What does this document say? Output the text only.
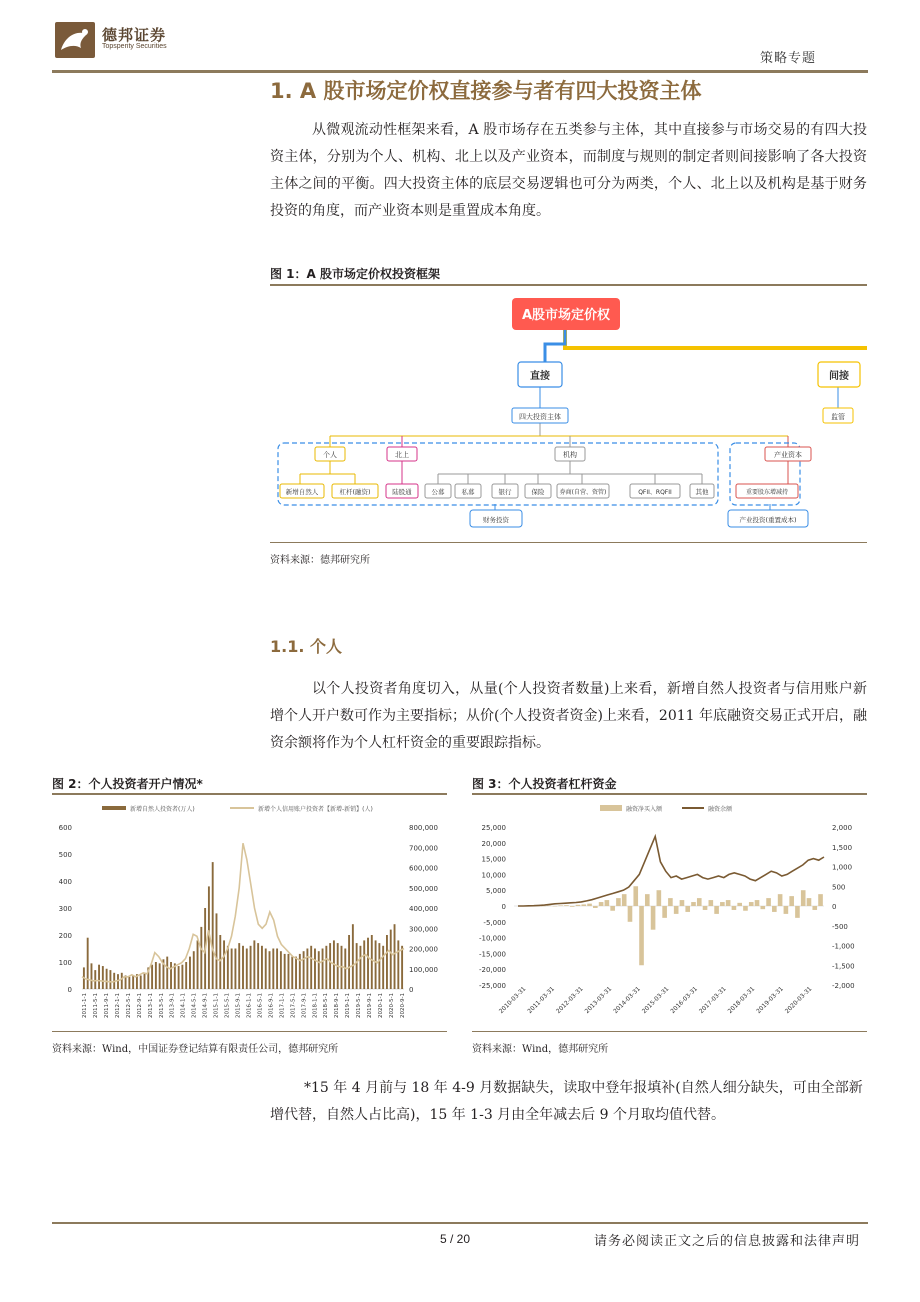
德邦证券
Topsperity Securities
策略专题
1. A 股市场定价权直接参与者有四大投资主体
从微观流动性框架来看，A 股市场存在五类参与主体，其中直接参与市场交易的有四大投资主体，分别为个人、机构、北上以及产业资本，而制度与规则的制定者则间接影响了各大投资主体之间的平衡。四大投资主体的底层交易逻辑也可分为两类，个人、北上以及机构是基于财务投资的角度，而产业资本则是重置成本角度。
图 1：A 股市场定价权投资框架
A股市场定价权
直接	间接
监管
四大投资主体
个人	北上	机构	产业资本
新增自然人	杠杆(融资)	陆股通	公募	私募	银行	保险	券商(自营、资管)	QFII、RQFII	其他	重要股东增减持
财务投资	产业投资(重置成本)
资料来源：德邦研究所
1.1. 个人
以个人投资者角度切入，从量(个人投资者数量)上来看，新增自然人投资者与信用账户新增个人开户数可作为主要指标；从价(个人投资者资金)上来看，2011 年底融资交易正式开启，融资余额将作为个人杠杆资金的重要跟踪指标。
图 2：个人投资者开户情况*
新增自然人投资者(万人)	新增个人信用账户投资者【新增-新销】(人)
600
500
400
300
200
100
0
800,000
700,000
600,000
500,000
400,000
300,000
200,000
100,000
0
2011-1-1 2011-5-1 2011-9-1 2012-1-1 2012-5-1 2012-9-1 2013-1-1 2013-5-1 2013-9-1 2014-1-1 2014-5-1 2014-9-1 2015-1-1 2015-5-1 2015-9-1 2016-1-1 2016-5-1 2016-9-1 2017-1-1 2017-5-1 2017-9-1 2018-1-1 2018-5-1 2018-9-1 2019-1-1 2019-5-1 2019-9-1 2020-1-1 2020-5-1 2020-9-1
资料来源：Wind，中国证券登记结算有限责任公司，德邦研究所
图 3：个人投资者杠杆资金
融资净买入额	融资余额
25,000
20,000
15,000
10,000
5,000
0
-5,000
-10,000
-15,000
-20,000
-25,000
2,000
1,500
1,000
500
0
-500
-1,000
-1,500
-2,000
2010-03-31
2011-03-31
2012-03-31
2013-03-31
2014-03-31
2015-03-31
2016-03-31
2017-03-31
2018-03-31
2019-03-31
2020-03-31
资料来源：Wind，德邦研究所
*15 年 4 月前与 18 年 4-9 月数据缺失，读取中登年报填补(自然人细分缺失，可由全部新增代替，自然人占比高)，15 年 1-3 月由全年减去后 9 个月取均值代替。
5 / 20	请务必阅读正文之后的信息披露和法律声明
